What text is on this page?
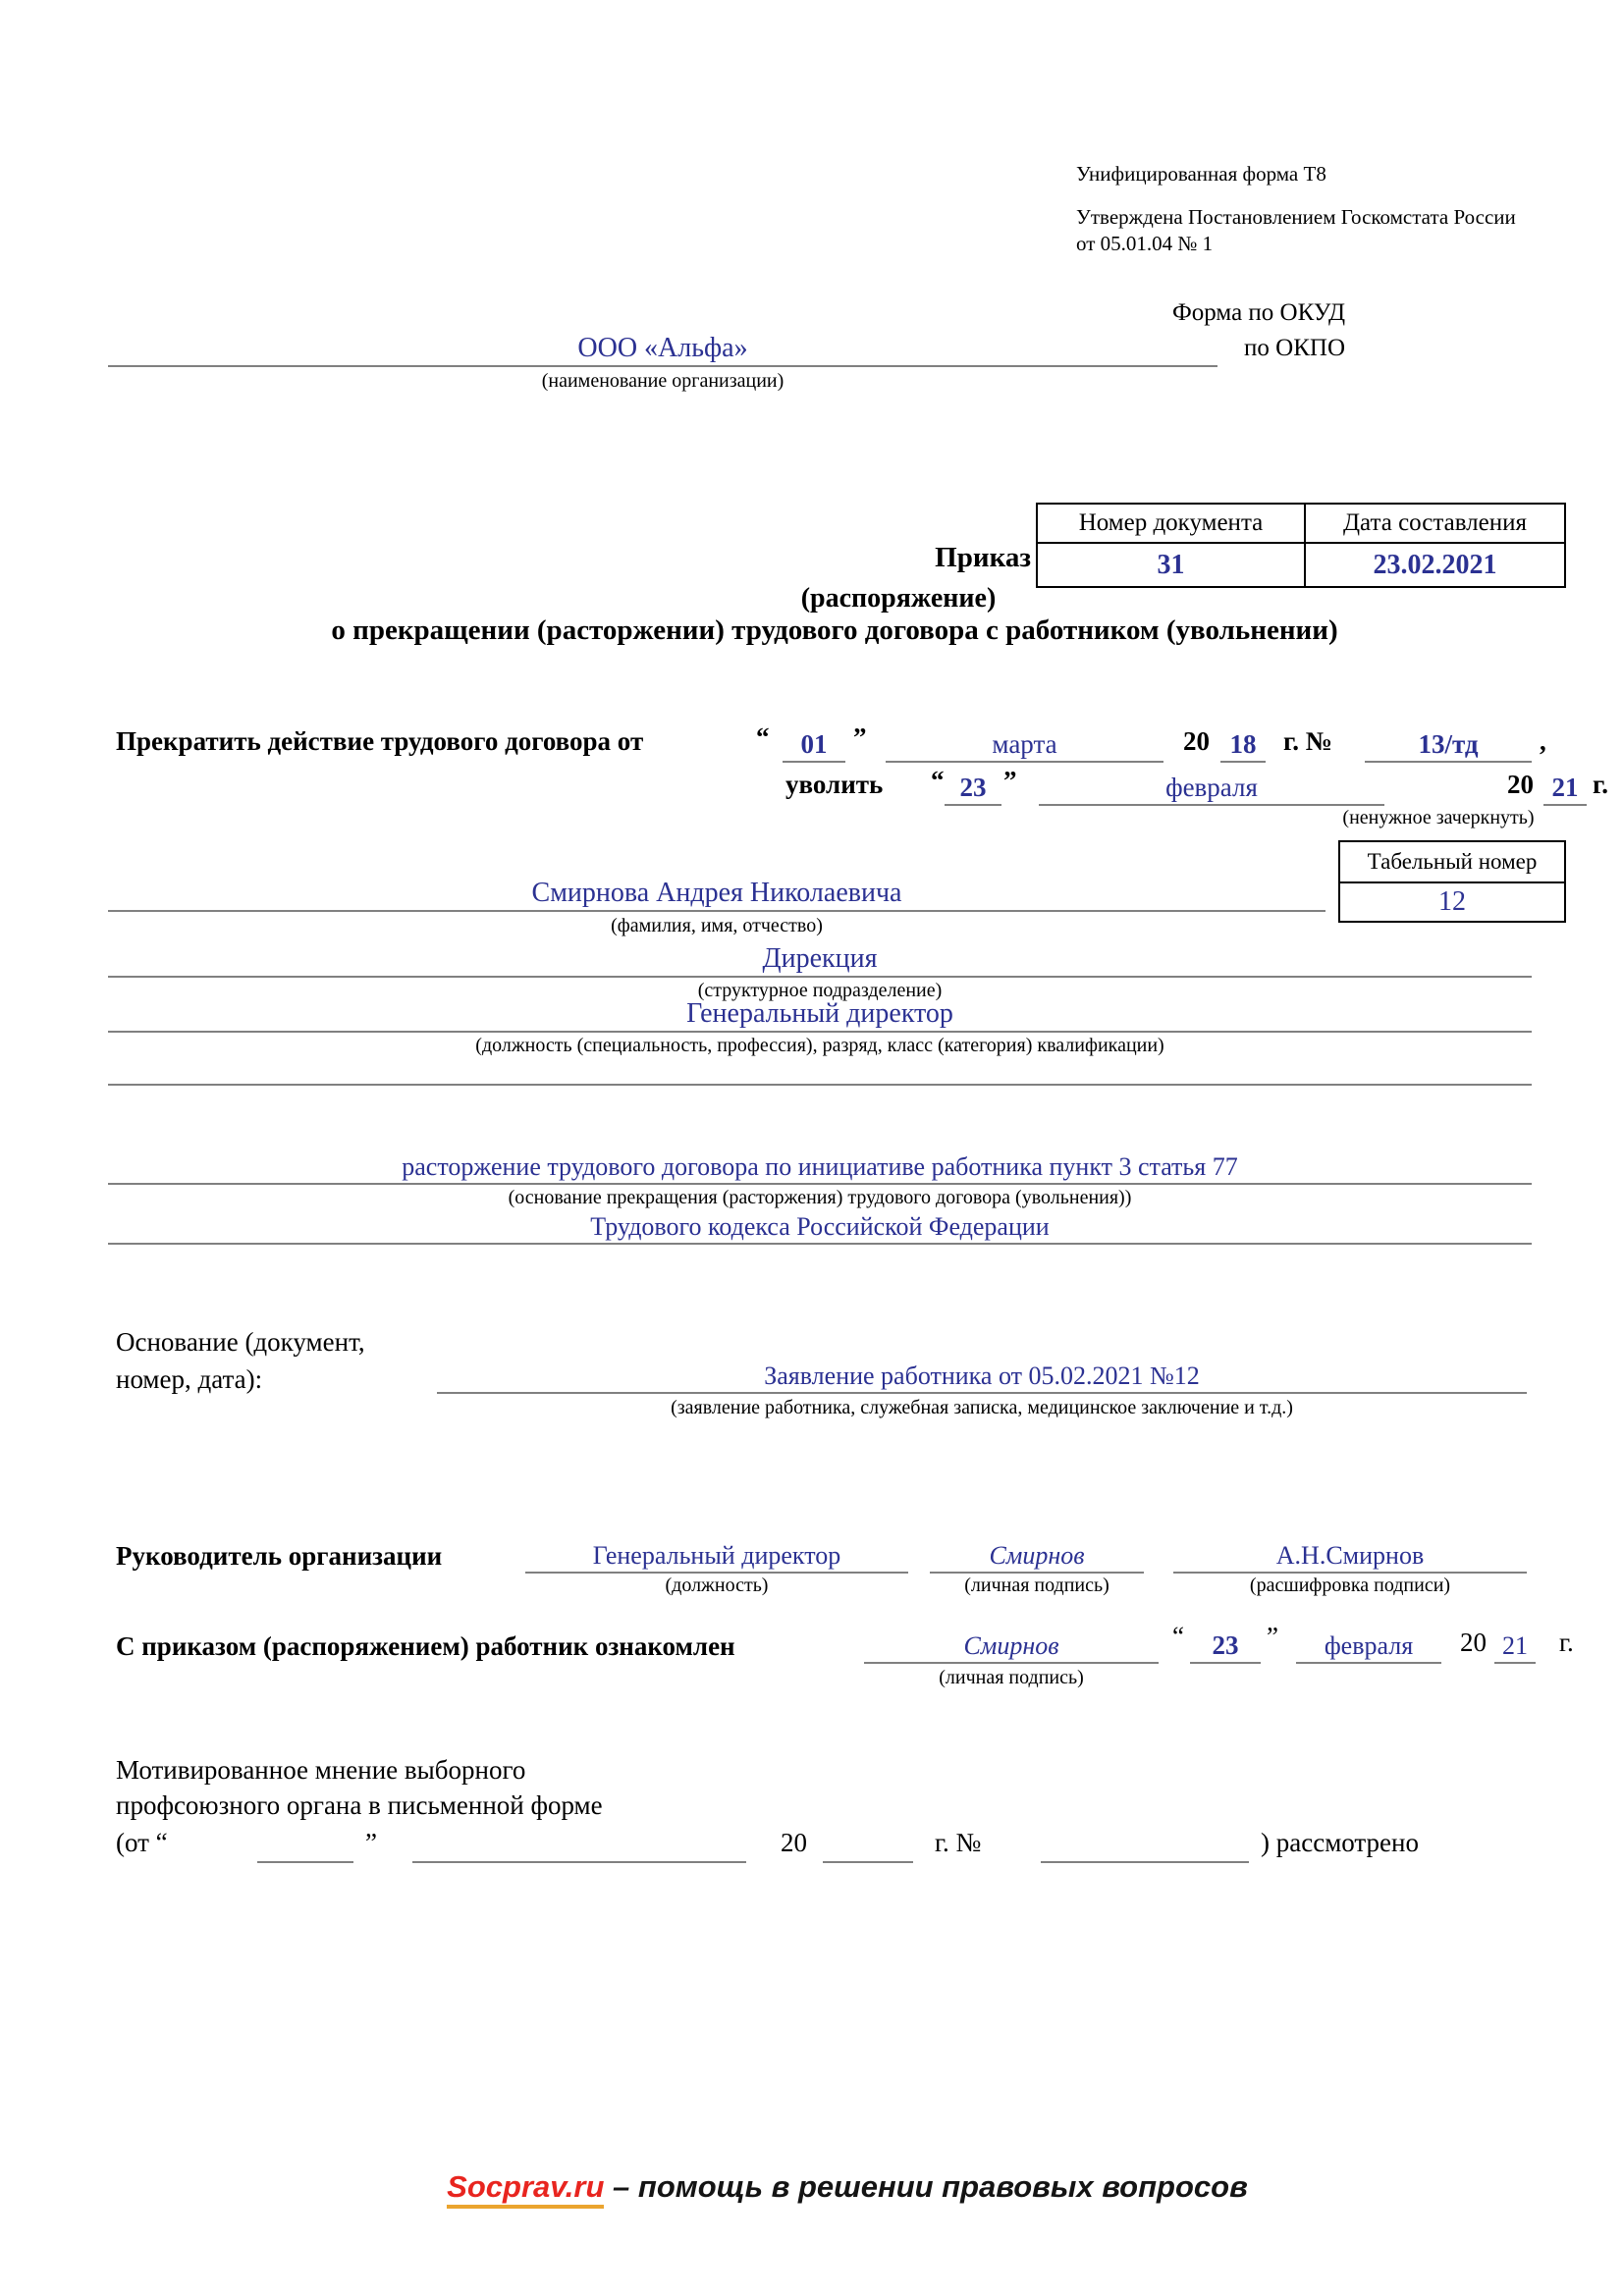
Унифицированная форма Т8
Утверждена Постановлением Госкомстата России
от 05.01.04 № 1
Форма по ОКУД
по ОКПО
ООО «Альфа»
(наименование организации)
Номер документа	Дата составления
31	23.02.2021
Приказ
(распоряжение)
о прекращении (расторжении) трудового договора с работником (увольнении)
Прекратить действие трудового договора от	“	01 ”	марта	20 18	г. №	13/тд	,
уволить “ 23 ”	февраля	20 21 г.
(ненужное зачеркнуть)
Табельный номер
12
Смирнова Андрея Николаевича
(фамилия, имя, отчество)
Дирекция
(структурное подразделение)
Генеральный директор
(должность (специальность, профессия), разряд, класс (категория) квалификации)
расторжение трудового договора по инициативе работника пункт 3 статья 77
(основание прекращения (расторжения) трудового договора (увольнения))
Трудового кодекса Российской Федерации
Основание (документ,
номер, дата):	Заявление работника от 05.02.2021 №12
(заявление работника, служебная записка, медицинское заключение и т.д.)
Руководитель организации	Генеральный директор
(должность)
Смирнов
(личная подпись)
А.Н.Смирнов
(расшифровка подписи)
С приказом (распоряжением) работник ознакомлен	Смирнов
(личная подпись)
“	23	”	февраля	20 21 г.
Мотивированное мнение выборного
профсоюзного органа в письменной форме
(от “	”	20	г. №	) рассмотрено
Socprav.ru – помощь в решении правовых вопросов
